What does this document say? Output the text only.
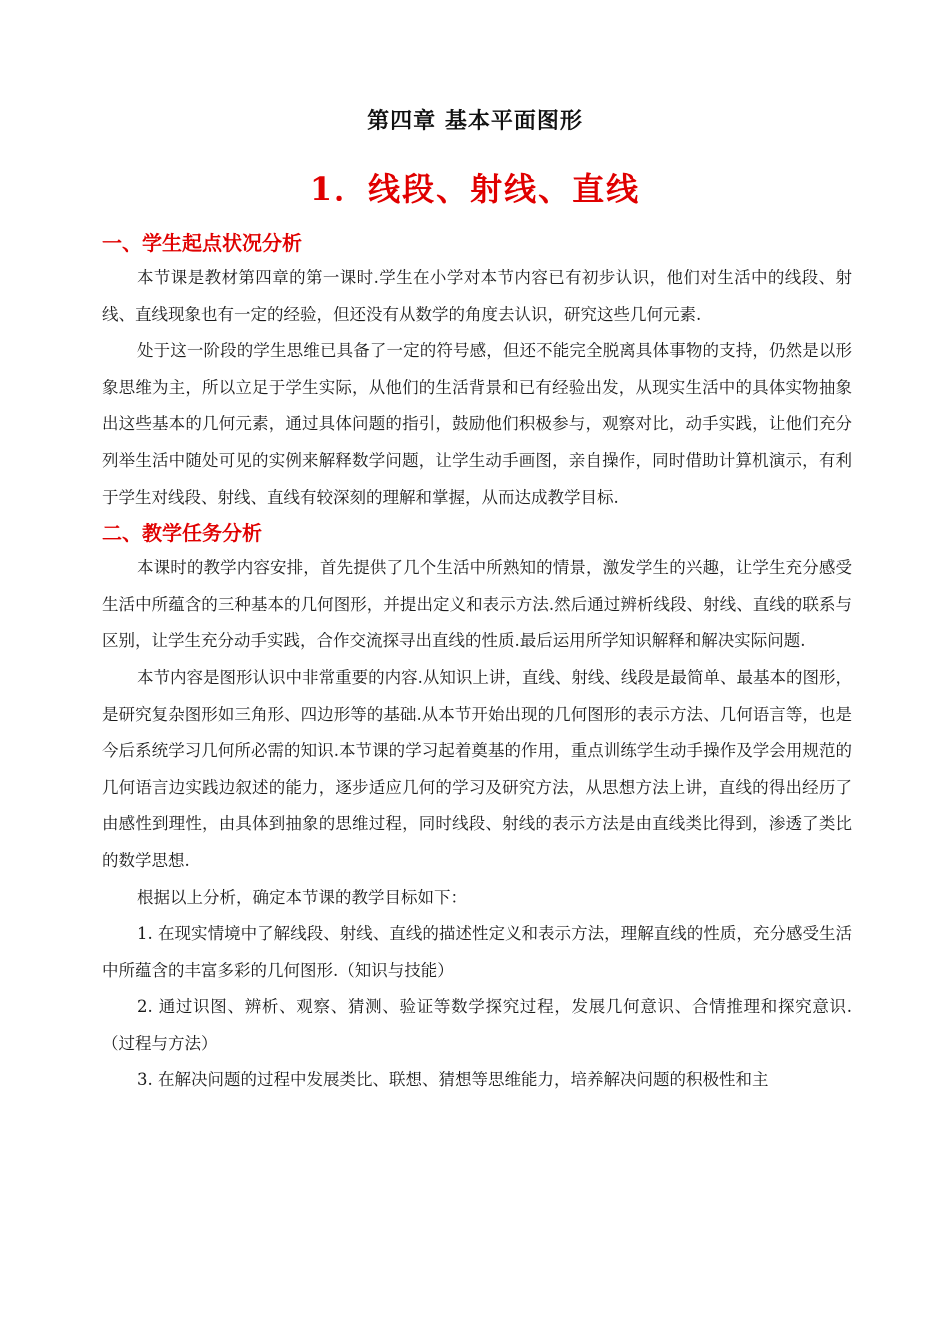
第四章 基本平面图形
1．线段、射线、直线
一、学生起点状况分析

本节课是教材第四章的第一课时.学生在小学对本节内容已有初步认识，他们对生活中的线段、射线、直线现象也有一定的经验，但还没有从数学的角度去认识，研究这些几何元素.

处于这一阶段的学生思维已具备了一定的符号感，但还不能完全脱离具体事物的支持，仍然是以形象思维为主，所以立足于学生实际，从他们的生活背景和已有经验出发，从现实生活中的具体实物抽象出这些基本的几何元素，通过具体问题的指引，鼓励他们积极参与，观察对比，动手实践，让他们充分列举生活中随处可见的实例来解释数学问题，让学生动手画图，亲自操作，同时借助计算机演示，有利于学生对线段、射线、直线有较深刻的理解和掌握，从而达成教学目标.

二、教学任务分析

本课时的教学内容安排，首先提供了几个生活中所熟知的情景，激发学生的兴趣，让学生充分感受生活中所蕴含的三种基本的几何图形，并提出定义和表示方法.然后通过辨析线段、射线、直线的联系与区别，让学生充分动手实践，合作交流探寻出直线的性质.最后运用所学知识解释和解决实际问题.

本节内容是图形认识中非常重要的内容.从知识上讲，直线、射线、线段是最简单、最基本的图形，是研究复杂图形如三角形、四边形等的基础.从本节开始出现的几何图形的表示方法、几何语言等，也是今后系统学习几何所必需的知识.本节课的学习起着奠基的作用，重点训练学生动手操作及学会用规范的几何语言边实践边叙述的能力，逐步适应几何的学习及研究方法，从思想方法上讲，直线的得出经历了由感性到理性，由具体到抽象的思维过程，同时线段、射线的表示方法是由直线类比得到，渗透了类比的数学思想.

根据以上分析，确定本节课的教学目标如下：

1. 在现实情境中了解线段、射线、直线的描述性定义和表示方法，理解直线的性质，充分感受生活中所蕴含的丰富多彩的几何图形.（知识与技能）

2. 通过识图、辨析、观察、猜测、验证等数学探究过程，发展几何意识、合情推理和探究意识.（过程与方法）

3. 在解决问题的过程中发展类比、联想、猜想等思维能力，培养解决问题的积极性和主
